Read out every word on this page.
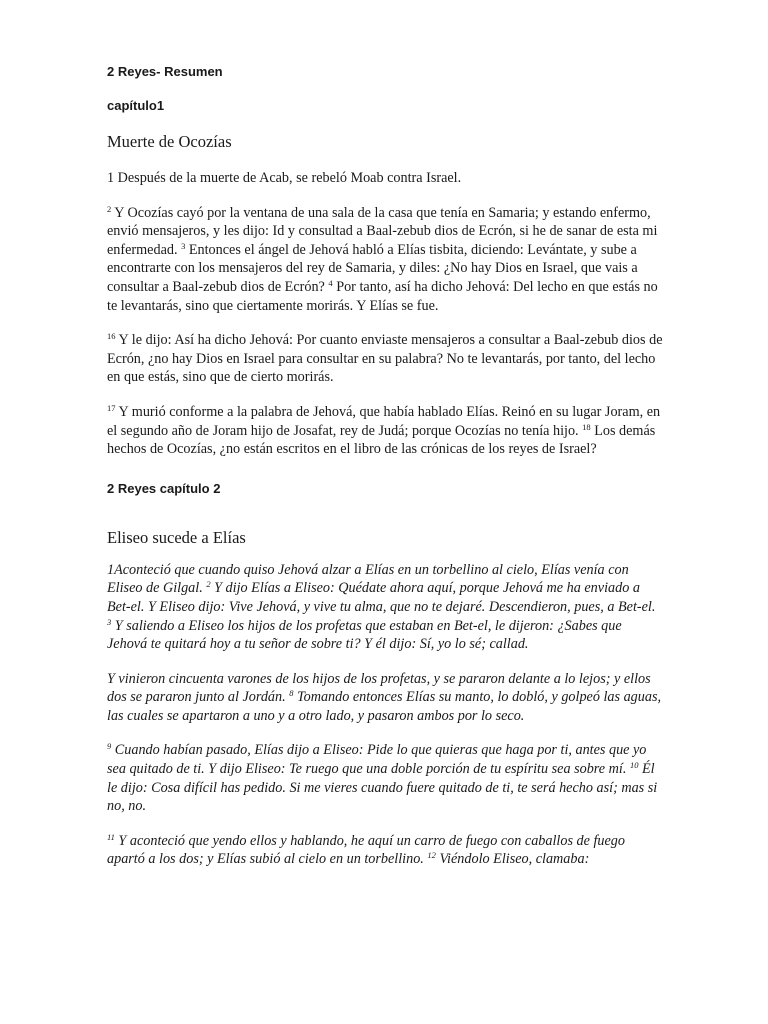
2 Reyes- Resumen

capítulo1

Muerte de Ocozías

1 Después de la muerte de Acab, se rebeló Moab contra Israel.

$^2$ Y Ocozías cayó por la ventana de una sala de la casa que tenía en Samaria; y estando enfermo, envió mensajeros, y les dijo: Id y consultad a Baal-zebub dios de Ecrón, si he de sanar de esta mi enfermedad. $^3$ Entonces el ángel de Jehová habló a Elías tisbita, diciendo: Levántate, y sube a encontrarte con los mensajeros del rey de Samaria, y diles: ¿No hay Dios en Israel, que vais a consultar a Baal-zebub dios de Ecrón? $^4$ Por tanto, así ha dicho Jehová: Del lecho en que estás no te levantarás, sino que ciertamente morirás. Y Elías se fue.

$^{16}$ Y le dijo: Así ha dicho Jehová: Por cuanto enviaste mensajeros a consultar a Baal-zebub dios de Ecrón, ¿no hay Dios en Israel para consultar en su palabra? No te levantarás, por tanto, del lecho en que estás, sino que de cierto morirás.

$^{17}$ Y murió conforme a la palabra de Jehová, que había hablado Elías. Reinó en su lugar Joram, en el segundo año de Joram hijo de Josafat, rey de Judá; porque Ocozías no tenía hijo. $^{18}$ Los demás hechos de Ocozías, ¿no están escritos en el libro de las crónicas de los reyes de Israel?

2 Reyes capítulo 2

Eliseo sucede a Elías

1Aconteció que cuando quiso Jehová alzar a Elías en un torbellino al cielo, Elías venía con Eliseo de Gilgal. $^2$ Y dijo Elías a Eliseo: Quédate ahora aquí, porque Jehová me ha enviado a Bet-el. Y Eliseo dijo: Vive Jehová, y vive tu alma, que no te dejaré. Descendieron, pues, a Bet-el. $^3$ Y saliendo a Eliseo los hijos de los profetas que estaban en Bet-el, le dijeron: ¿Sabes que Jehová te quitará hoy a tu señor de sobre ti? Y él dijo: Sí, yo lo sé; callad.

Y vinieron cincuenta varones de los hijos de los profetas, y se pararon delante a lo lejos; y ellos dos se pararon junto al Jordán. $^8$ Tomando entonces Elías su manto, lo dobló, y golpeó las aguas, las cuales se apartaron a uno y a otro lado, y pasaron ambos por lo seco.

$^9$ Cuando habían pasado, Elías dijo a Eliseo: Pide lo que quieras que haga por ti, antes que yo sea quitado de ti. Y dijo Eliseo: Te ruego que una doble porción de tu espíritu sea sobre mí. $^{10}$ Él le dijo: Cosa difícil has pedido. Si me vieres cuando fuere quitado de ti, te será hecho así; mas si no, no.

$^{11}$ Y aconteció que yendo ellos y hablando, he aquí un carro de fuego con caballos de fuego apartó a los dos; y Elías subió al cielo en un torbellino. $^{12}$ Viéndolo Eliseo, clamaba:
